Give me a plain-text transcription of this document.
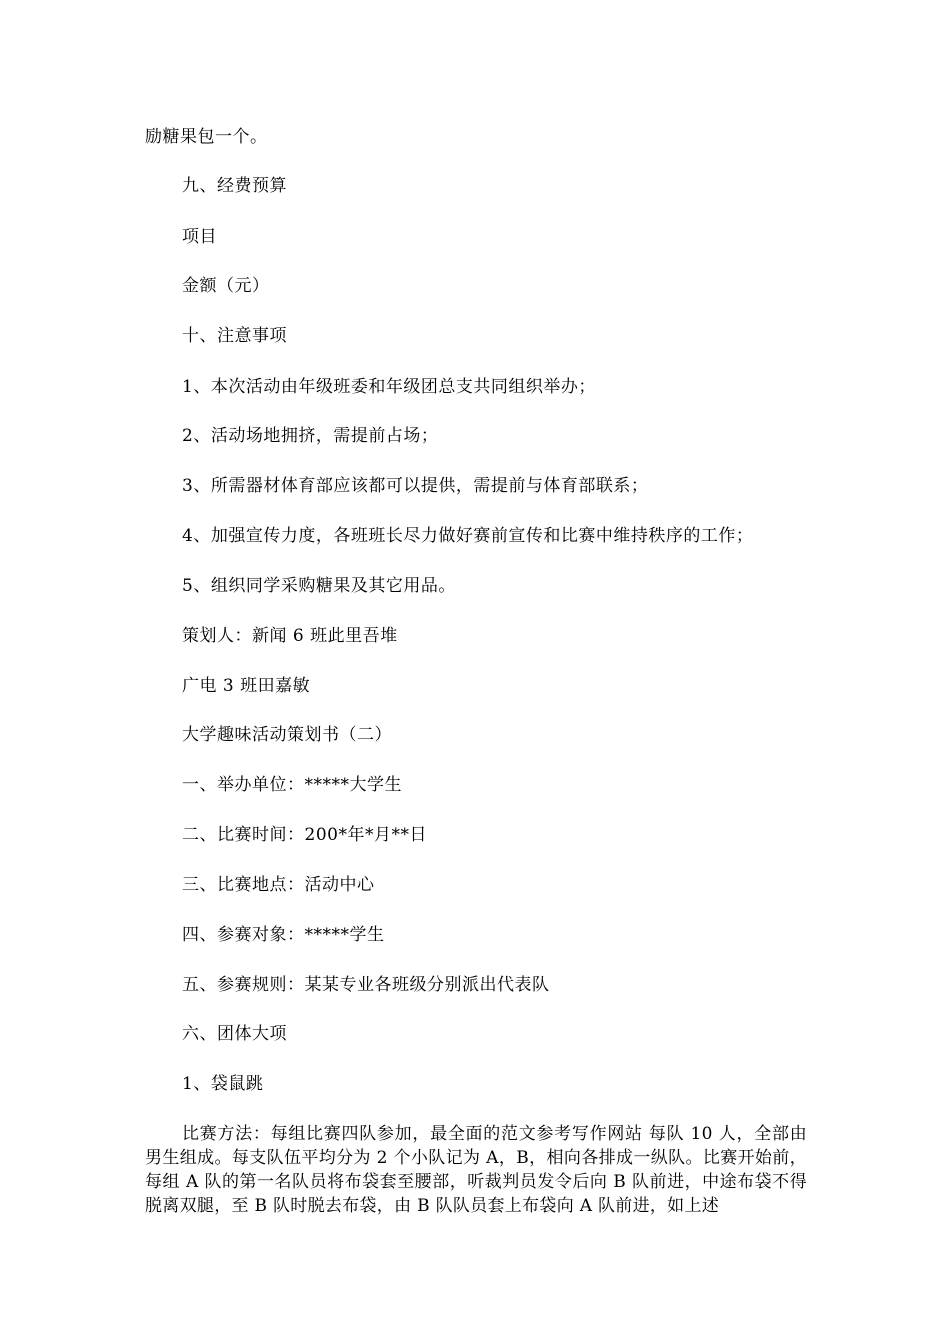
励糖果包一个。
九、经费预算
项目
金额（元）
十、注意事项
1、本次活动由年级班委和年级团总支共同组织举办；
2、活动场地拥挤，需提前占场；
3、所需器材体育部应该都可以提供，需提前与体育部联系；
4、加强宣传力度，各班班长尽力做好赛前宣传和比赛中维持秩序的工作；
5、组织同学采购糖果及其它用品。
策划人：新闻 6 班此里吾堆
广电 3 班田嘉敏
大学趣味活动策划书（二）
一、举办单位：*****大学生
二、比赛时间：200*年*月**日
三、比赛地点：活动中心
四、参赛对象：*****学生
五、参赛规则：某某专业各班级分别派出代表队
六、团体大项
1、袋鼠跳
比赛方法：每组比赛四队参加，最全面的范文参考写作网站 每队 10 人，全部由男生组成。每支队伍平均分为 2 个小队记为 A，B，相向各排成一纵队。比赛开始前，每组 A 队的第一名队员将布袋套至腰部，听裁判员发令后向 B 队前进，中途布袋不得脱离双腿，至 B 队时脱去布袋，由 B 队队员套上布袋向 A 队前进，如上述
